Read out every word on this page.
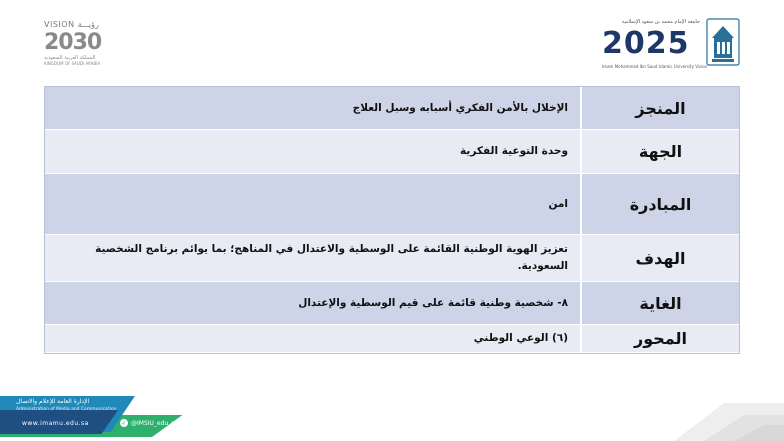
VISION رؤيـــة
2030
المملكة العربية السعودية
KINGDOM OF SAUDI ARABIA
جامعة الإمام محمد بن سعود الإسلامية
2025
Imam Mohammad Ibn Saud Islamic University Vision
المنجز
الإخلال بالأمن الفكري أسبابه وسبل العلاج
الجهة
وحدة التوعية الفكرية
المبادرة
امن
الهدف
تعزيز الهوية الوطنية القائمة على الوسطية والاعتدال في المناهج؛ بما يوائم برنامج الشخصية السعودية.
الغاية
٨- شخصية وطنية قائمة على قيم الوسطية والإعتدال
المحور
(٦) الوعي الوطني
الإدارة العامة للإعلام والاتصال
Administration of Media and Communication
www.imamu.edu.sa	✓ @IMSIU_edu_sa
